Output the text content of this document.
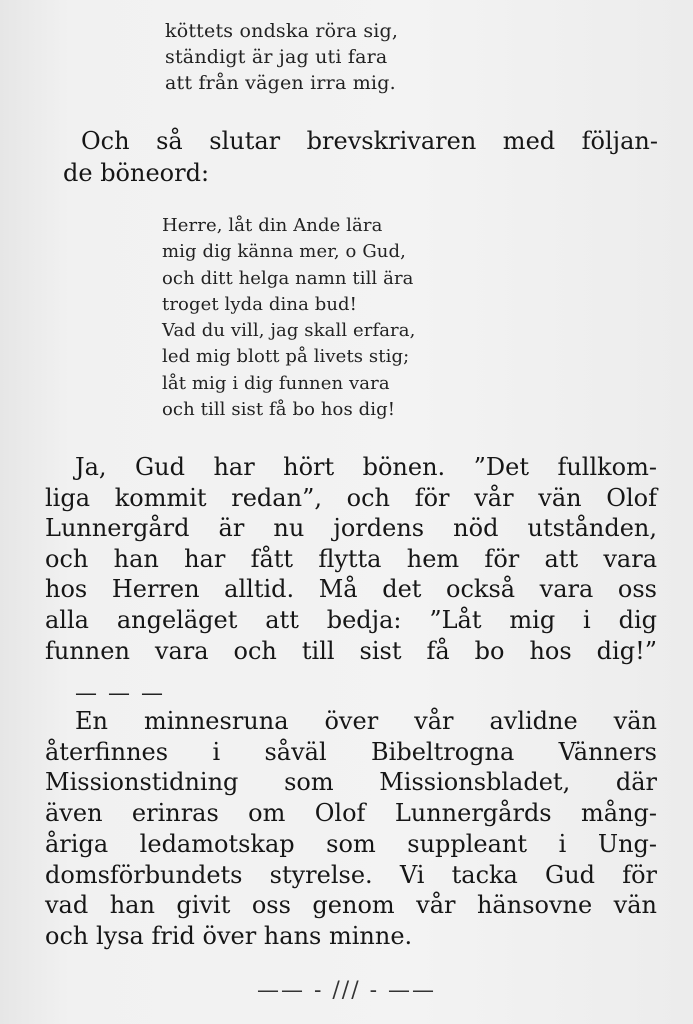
köttets ondska röra sig,
ständigt är jag uti fara
att från vägen irra mig.
Och så slutar brevskrivaren med följan-
de böneord:
Herre, låt din Ande lära
mig dig känna mer, o Gud,
och ditt helga namn till ära
troget lyda dina bud!
Vad du vill, jag skall erfara,
led mig blott på livets stig;
låt mig i dig funnen vara
och till sist få bo hos dig!
Ja, Gud har hört bönen. ”Det fullkom-
liga kommit redan”, och för vår vän Olof
Lunnergård är nu jordens nöd utstånden,
och han har fått flytta hem för att vara
hos Herren alltid. Må det också vara oss
alla angeläget att bedja: ”Låt mig i dig
funnen vara och till sist få bo hos dig!”
— — —
En minnesruna över vår avlidne vän
återfinnes i såväl Bibeltrogna Vänners
Missionstidning som Missionsbladet, där
även erinras om Olof Lunnergårds mång-
åriga ledamotskap som suppleant i Ung-
domsförbundets styrelse. Vi tacka Gud för
vad han givit oss genom vår hänsovne vän
och lysa frid över hans minne.
—— - /// - ——
